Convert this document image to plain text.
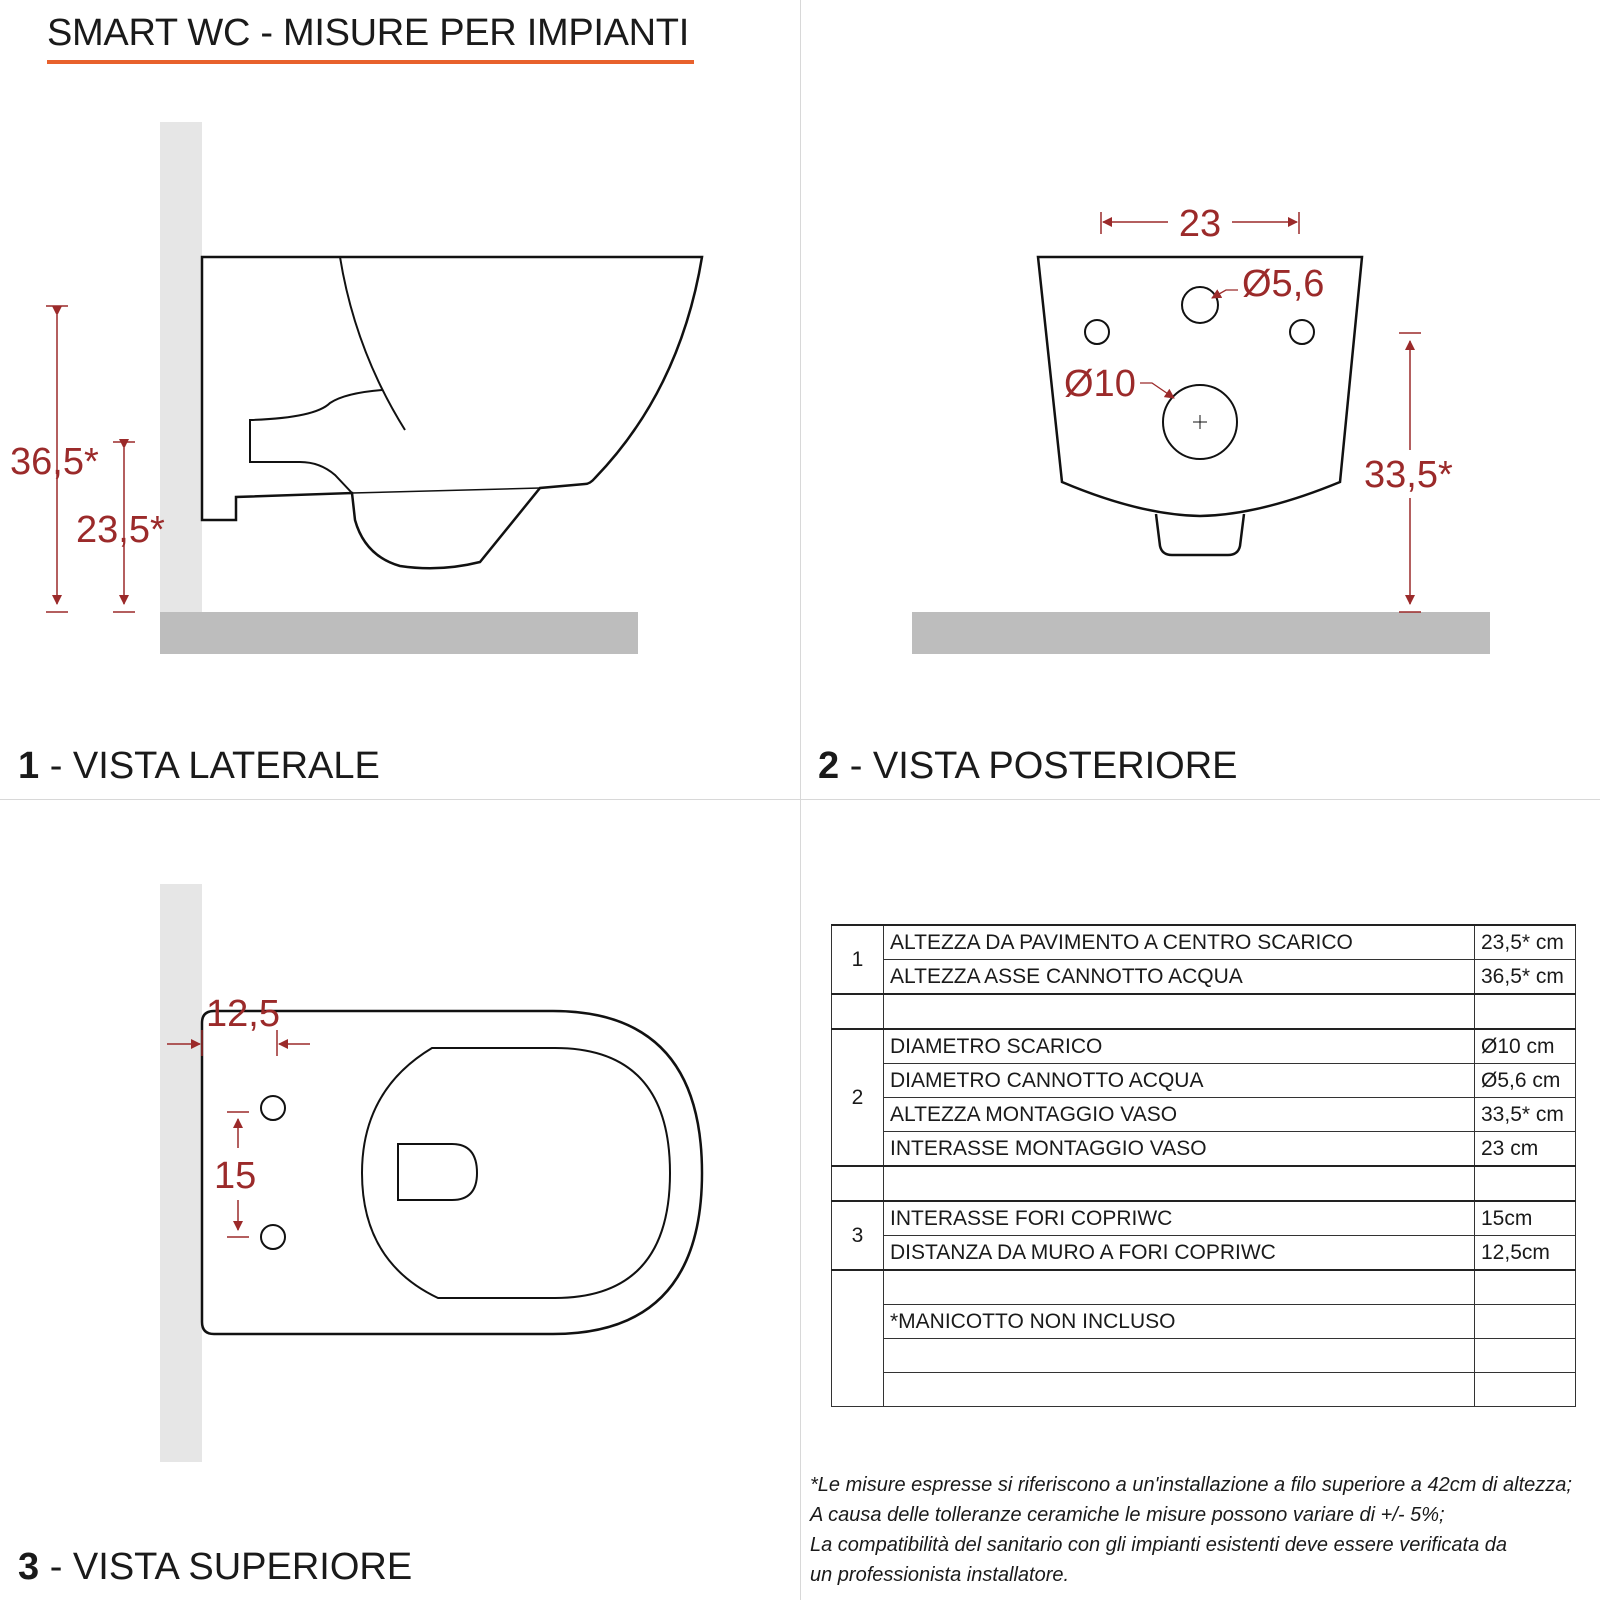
SMART WC - MISURE PER IMPIANTI
36,5*
23,5*
23
Ø5,6
Ø10
33,5*
12,5
15
1 - VISTA LATERALE	2 - VISTA POSTERIORE
3 - VISTA SUPERIORE
1	ALTEZZA DA PAVIMENTO A CENTRO SCARICO	23,5* cm
	ALTEZZA ASSE CANNOTTO ACQUA	36,5* cm

2	DIAMETRO SCARICO	Ø10 cm
	DIAMETRO CANNOTTO ACQUA	Ø5,6 cm
	ALTEZZA MONTAGGIO VASO	33,5* cm
	INTERASSE MONTAGGIO VASO	23 cm

3	INTERASSE FORI COPRIWC	15cm
	DISTANZA DA MURO A FORI COPRIWC	12,5cm

	*MANICOTTO NON INCLUSO	

*Le misure espresse si riferiscono a un'installazione a filo superiore a 42cm di altezza;
A causa delle tolleranze ceramiche le misure possono variare di +/- 5%;
La compatibilità del sanitario con gli impianti esistenti deve essere verificata da
un professionista installatore.
